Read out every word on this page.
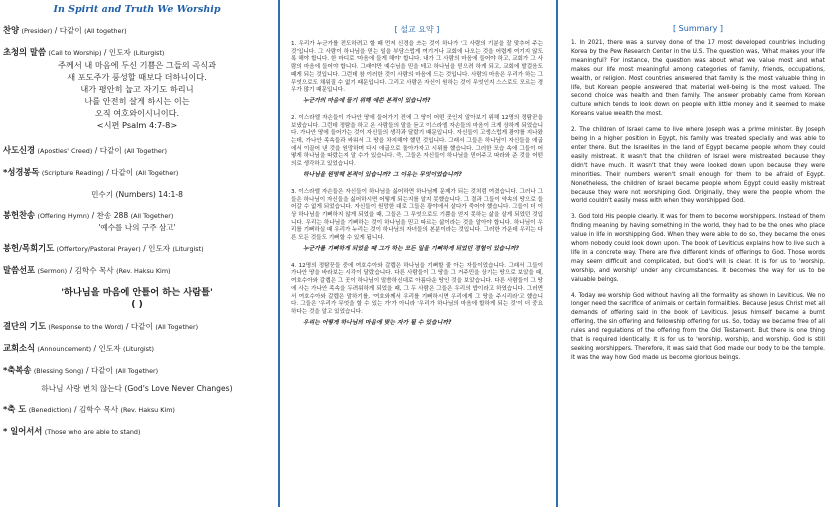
In Spirit and Truth We Worship

찬양 (Presider) / 다같이 (All together)

초청의 말씀 (Call to Worship) / 인도자 (Liturgist)

주께서 내 마음에 두신 기쁨은 그들의 곡식과
새 포도주가 풍성할 때보다 더하니이다.
내가 평안히 눕고 자기도 하리니
나를 안전히 살게 하시는 이는
오직 여호와이시니이다.
<시편 Psalm 4:7-8>

사도신경 (Apostles' Creed) / 다같이 (All Together)

*성경봉독 (Scripture Reading) / 다같이 (All Together)

민수기 (Numbers) 14:1-8

봉헌찬송 (Offering Hymn) / 찬송 288 (All Together)

'예수를 나의 구주 삼고'

봉헌/목회기도 (Offertory/Pastoral Prayer) / 인도자 (Liturgist)

말씀선포 (Sermon) / 김학수 목사 (Rev. Haksu Kim)

'하나님을 마음에 안틀어 하는 사람틀'

( )

결단의 기도 (Response to the Word) / 다같이 (All Together)

교회소식 (Announcement) / 인도자 (Liturgist)

*축복송 (Blessing Song) / 다같이 (All Together)

하나님 사랑 변치 않는다 (God's Love Never Changes)

*축 도 (Benediction) / 김학수 목사 (Rev. Haksu Kim)

* 일어서서 (Those who are able to stand)

[ 설교 요약 ]

1. 우리가 누군가를 전도하려고 할 때 먼저 신경을 쓰는 것이 하나가 '그 사람의 기분을 잘 맞추어 주는 것'입니다. 그 사람이 하나님을 믿는 일을 부담스럽게 여기거나 교회에 나오는 것을 어렵게 여기지 않도록 해야 합니다. 한 마디로 '마음에 들게 해야' 합니다. 내가 그 사람의 마음에 들어야 하고, 교회가 그 사람의 마음에 들어야 합니다. 그래야만 예수님을 믿을 테고 하나님을 믿으려 하게 되고, 교회에 발걸음도 떼게 되는 것입니다. 그런데 참 이러한 것이 사람의 마음에 드는 것입니다. 사람의 마음은 우리가 하는 그 무엇으로도 채워질 수 없기 때문입니다. 그리고 사람은 자신이 원하는 것이 무엇인지 스스로도 모르는 경우가 많기 때문입니다.

누군가의 마음에 들기 위해 애쓴 본적이 있습니까?

2. 이스라엘 자손들이 가나안 땅에 들어가기 전에 그 땅이 어떤 곳인지 알아보기 위해 12명의 정탐꾼을 보냈습니다. 그런데 정탐을 하고 온 사람들의 말을 듣고 이스라엘 자손들의 마음이 크게 상하게 되었습니다. 가나안 땅에 들어가는 것이 자신들의 생각과 달랐기 때문입니다. 자신들이 고생스럽게 광야를 지나왔는데, 가나안 족속들과 싸워서 그 땅을 차지해야 했던 것입니다. 그래서 그들은 하나님이 자신들을 애굽에서 이끌어 낸 것을 원망하며 다시 애굽으로 돌아가자고 시위를 했습니다. 그러한 모습 속에 그들이 어떻게 하나님을 따랐는지 알 수가 있습니다. 즉, 그들은 자신들이 하나님을 믿어주고 따라와 준 것을 어떤 의로 생각하고 있었습니다.

하나님을 원망해 본적이 있습니까? 그 이유는 무엇이었습니까?

3. 이스라엘 자손들은 자신들이 하나님을 싫어하면 하나님께 문제가 되는 것처럼 여겼습니다. 그러나 그들은 하나님이 자신들을 싫어하시면 어떻게 되는지를 알지 못했습니다. 그 결과 그들이 약속의 땅으로 들어갈 수 없게 되었습니다. 자신들이 원망한 대로 그들은 광야에서 살다가 죽어야 했습니다. 그들이 더 이상 하나님을 기뻐하지 않게 되었을 때, 그들은 그 무엇으로도 기쁨을 얻지 못하는 삶을 살게 되었던 것입니다. 우리는 하나님을 기뻐하는 것이 하나님을 믿고 따르는 삶이라는 것을 알아야 합니다. 하나님이 우리를 기뻐하실 때 우리가 누리는 것이 하나님의 자녀들의 본분이라는 것입니다. 그러한 가운데 우리는 다른 모든 것들도 기뻐할 수 있게 됩니다.

누군가를 기뻐하게 되었을 때 그가 하는 모든 일을 기뻐하게 되었던 경험이 있습니까?

4. 12명의 정탐꾼들 중에 여호수아와 갈렙은 하나님을 기뻐할 줄 아는 자들이었습니다. 그래서 그들이 가나안 땅을 바라보는 시각이 달랐습니다. 다른 사람들이 그 땅을 그 거주민을 상기는 땅으로 보았을 때, 여호수아와 갈렙은 그 곳이 하나님이 말씀하신대로 아름다운 땅인 것을 보았습니다. 다른 사람들이 그 땅에 사는 가나안 족속을 두려워하게 되었을 때, 그 두 사람은 그들은 우리의 밥이라고 하였습니다. 그러면서 여호수아와 갈렙은 말하기를, '여호와께서 우리를 기뻐하시면 우리에게 그 땅을 주시리라'고 했습니다. 그들은 '우리가 무엇을 할 수 있는 가'가 아니라 '우리가 하나님의 마음에 합하게 되는 것'이 더 중요하다는 것을 알고 있었습니다.

우리는 어떻게 하나님의 마음에 맞는 자가 될 수 있습니까?

[ Summary ]

1. In 2021, there was a survey done of the 17 most developed countries including Korea by the Pew Research Center in the U.S. The question was, 'What makes your life meaningful? For instance, the question was about what we value most and what makes our life most meaningful among categories of family, friends, occupations, wealth, or religion. Most countries answered that family is the most valuable thing in life, but Korean people answered that material well-being is the most valued. The second choice was health and then family. The answer probably came from Korean culture which tends to look down on people with little money and it seemed to make Koreans value wealth the most.

2. The children of Israel came to live where Joseph was a prime minister. By Joseph being in a higher position in Egypt, his family was treated specially and was able to enter there. But the Israelites in the land of Egypt became people whom they could easily mistreat. It wasn't that the children of Israel were mistreated because they didn't have much. It wasn't that they were looked down upon because they were minorities. Their numbers weren't small enough for them to be afraid of Egypt. Nonetheless, the children of Israel became people whom Egypt could easily mistreat because they were not worshiping God. Originally, they were the people whom the world couldn't easily mess with when they worshipped God.

3. God told His people clearly. It was for them to become worshippers. Instead of them finding meaning by having something in the world, they had to be the ones who place value in life in worshipping God. When they were able to do so, they became the ones whom nobody could look down upon. The book of Leviticus explains how to live such a life in a concrete way. There are five different kinds of offerings to God. Those words may seem difficult and complicated, but God's will is clear. It is for us to 'worship, worship, and worship' under any circumstances. It becomes the way for us to be valuable beings.

4. Today we worship God without having all the formality as shown in Leviticus. We no longer need the sacrifice of animals or certain formalities. Because Jesus Christ met all demands of offering said in the book of Leviticus. Jesus himself became a burnt offering, the sin offering and fellowship offering for us. So, today we became free of all rules and regulations of the offering from the Old Testament. But there is one thing that is required identically. It is for us to 'worship, worship, and worship. God is still seeking worshippers. Therefore, it was said that God made our body to be the temple. It was the way how God made us become glorious beings.
